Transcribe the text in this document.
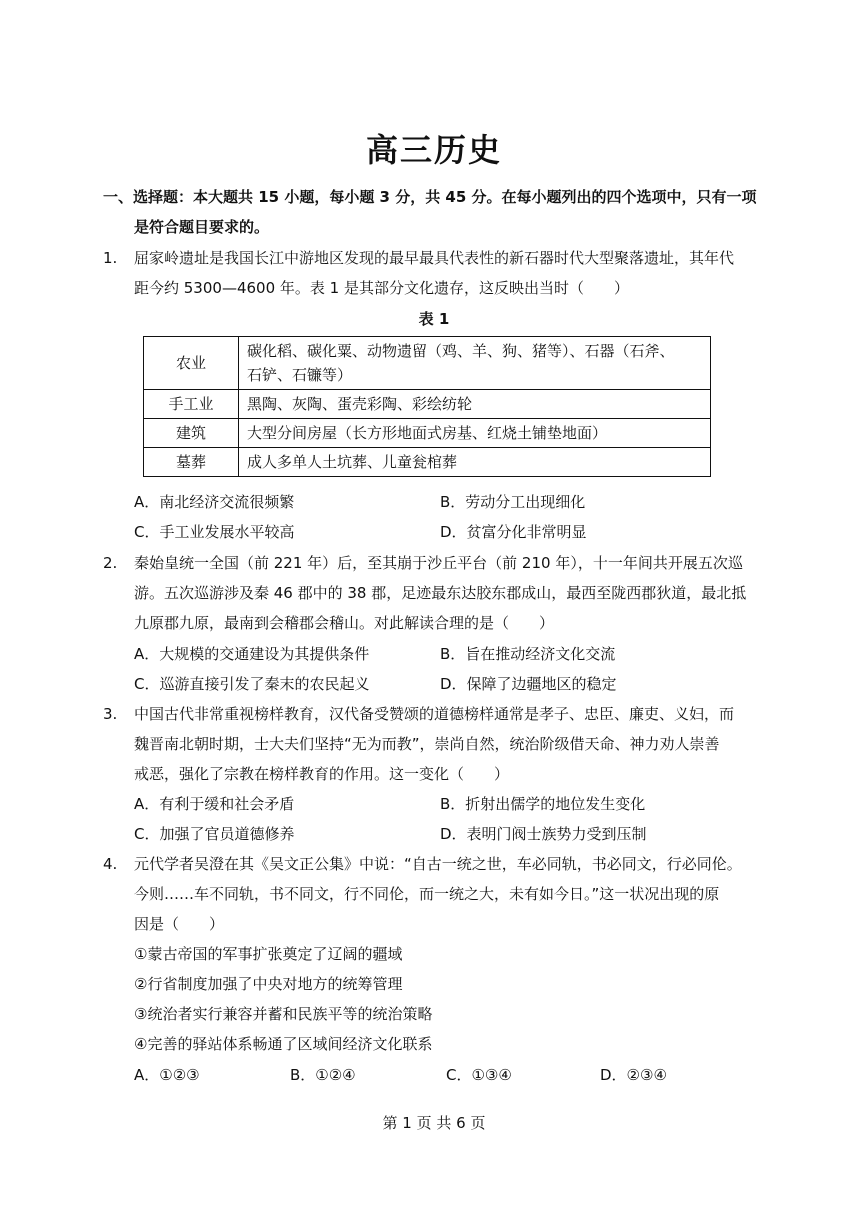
高三历史
一、选择题：本大题共 15 小题，每小题 3 分，共 45 分。在每小题列出的四个选项中，只有一项
是符合题目要求的。
1. 屈家岭遗址是我国长江中游地区发现的最早最具代表性的新石器时代大型聚落遗址，其年代
距今约 5300—4600 年。表 1 是其部分文化遗存，这反映出当时（　　）
表 1
农业	碳化稻、碳化粟、动物遗留（鸡、羊、狗、猪等）、石器（石斧、
石铲、石镰等）
手工业	黑陶、灰陶、蛋壳彩陶、彩绘纺轮
建筑	大型分间房屋（长方形地面式房基、红烧土铺垫地面）
墓葬	成人多单人土坑葬、儿童瓮棺葬
A．南北经济交流很频繁	B．劳动分工出现细化
C．手工业发展水平较高	D．贫富分化非常明显
2. 秦始皇统一全国（前 221 年）后，至其崩于沙丘平台（前 210 年），十一年间共开展五次巡
游。五次巡游涉及秦 46 郡中的 38 郡，足迹最东达胶东郡成山，最西至陇西郡狄道，最北抵
九原郡九原，最南到会稽郡会稽山。对此解读合理的是（　　）
A．大规模的交通建设为其提供条件	B．旨在推动经济文化交流
C．巡游直接引发了秦末的农民起义	D．保障了边疆地区的稳定
3. 中国古代非常重视榜样教育，汉代备受赞颂的道德榜样通常是孝子、忠臣、廉吏、义妇，而
魏晋南北朝时期，士大夫们坚持“无为而教”，崇尚自然，统治阶级借天命、神力劝人崇善
戒恶，强化了宗教在榜样教育的作用。这一变化（　　）
A．有利于缓和社会矛盾	B．折射出儒学的地位发生变化
C．加强了官员道德修养	D．表明门阀士族势力受到压制
4. 元代学者吴澄在其《吴文正公集》中说：“自古一统之世，车必同轨，书必同文，行必同伦。
今则……车不同轨，书不同文，行不同伦，而一统之大，未有如今日。”这一状况出现的原
因是（　　）
①蒙古帝国的军事扩张奠定了辽阔的疆域
②行省制度加强了中央对地方的统筹管理
③统治者实行兼容并蓄和民族平等的统治策略
④完善的驿站体系畅通了区域间经济文化联系
A．①②③	B．①②④	C．①③④	D．②③④
第 1 页 共 6 页
